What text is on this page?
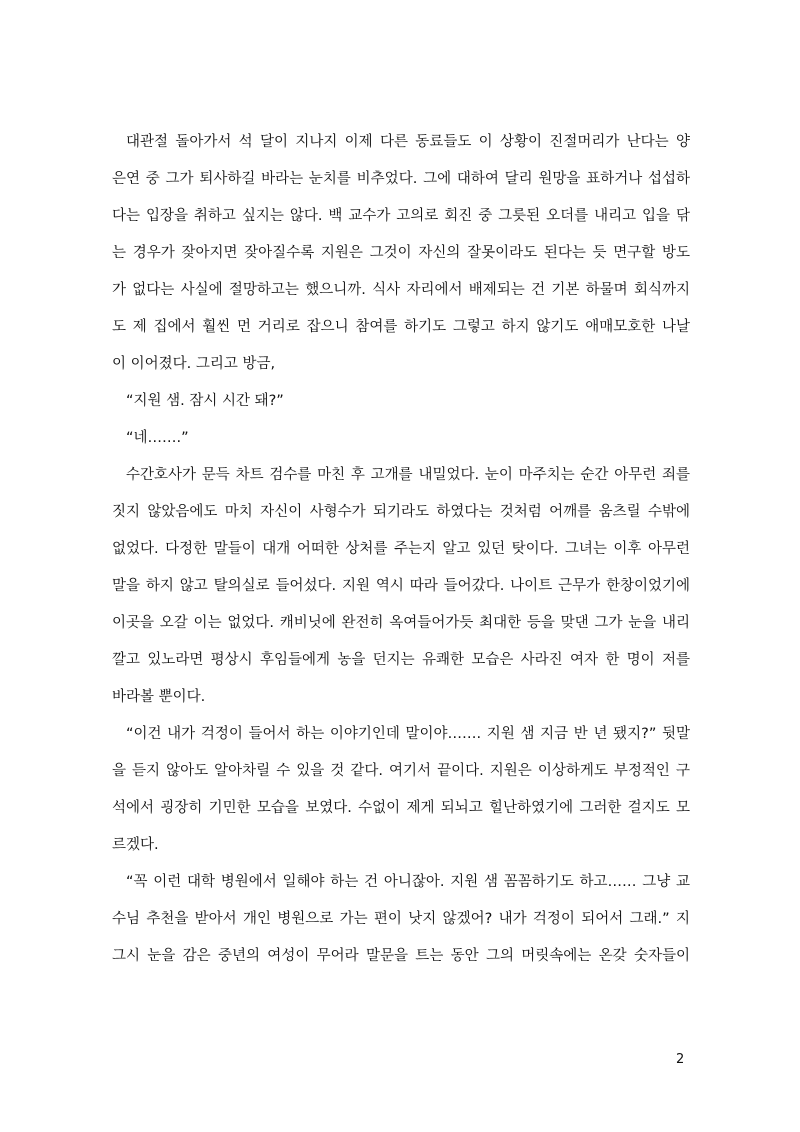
대관절 돌아가서 석 달이 지나지 이제 다른 동료들도 이 상황이 진절머리가 난다는 양
은연 중 그가 퇴사하길 바라는 눈치를 비추었다. 그에 대하여 달리 원망을 표하거나 섭섭하
다는 입장을 취하고 싶지는 않다. 백 교수가 고의로 회진 중 그릇된 오더를 내리고 입을 닦
는 경우가 잦아지면 잦아질수록 지원은 그것이 자신의 잘못이라도 된다는 듯 면구할 방도
가 없다는 사실에 절망하고는 했으니까. 식사 자리에서 배제되는 건 기본 하물며 회식까지
도 제 집에서 훨씬 먼 거리로 잡으니 참여를 하기도 그렇고 하지 않기도 애매모호한 나날
이 이어졌다. 그리고 방금,
“지원 샘. 잠시 시간 돼?”
“네…….”
수간호사가 문득 차트 검수를 마친 후 고개를 내밀었다. 눈이 마주치는 순간 아무런 죄를
짓지 않았음에도 마치 자신이 사형수가 되기라도 하였다는 것처럼 어깨를 움츠릴 수밖에
없었다. 다정한 말들이 대개 어떠한 상처를 주는지 알고 있던 탓이다. 그녀는 이후 아무런
말을 하지 않고 탈의실로 들어섰다. 지원 역시 따라 들어갔다. 나이트 근무가 한창이었기에
이곳을 오갈 이는 없었다. 캐비닛에 완전히 옥여들어가듯 최대한 등을 맞댄 그가 눈을 내리
깔고 있노라면 평상시 후임들에게 농을 던지는 유쾌한 모습은 사라진 여자 한 명이 저를
바라볼 뿐이다.
“이건 내가 걱정이 들어서 하는 이야기인데 말이야……. 지원 샘 지금 반 년 됐지?” 뒷말
을 듣지 않아도 알아차릴 수 있을 것 같다. 여기서 끝이다. 지원은 이상하게도 부정적인 구
석에서 굉장히 기민한 모습을 보였다. 수없이 제게 되뇌고 힐난하였기에 그러한 걸지도 모
르겠다.
“꼭 이런 대학 병원에서 일해야 하는 건 아니잖아. 지원 샘 꼼꼼하기도 하고…… 그냥 교
수님 추천을 받아서 개인 병원으로 가는 편이 낫지 않겠어? 내가 걱정이 되어서 그래.” 지
그시 눈을 감은 중년의 여성이 무어라 말문을 트는 동안 그의 머릿속에는 온갖 숫자들이
2
